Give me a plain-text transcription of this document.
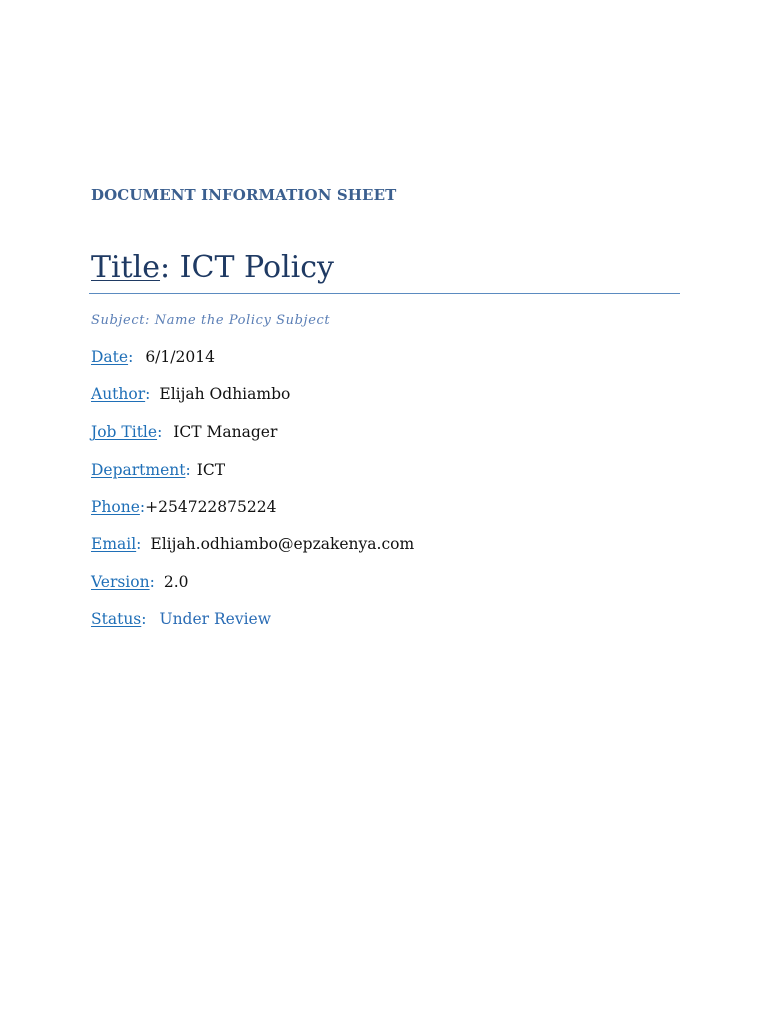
DOCUMENT INFORMATION SHEET
Title: ICT Policy
Subject: Name the Policy Subject
Date: 6/1/2014
Author: Elijah Odhiambo
Job Title: ICT Manager
Department: ICT
Phone:+254722875224
Email: Elijah.odhiambo@epzakenya.com
Version: 2.0
Status: Under Review
